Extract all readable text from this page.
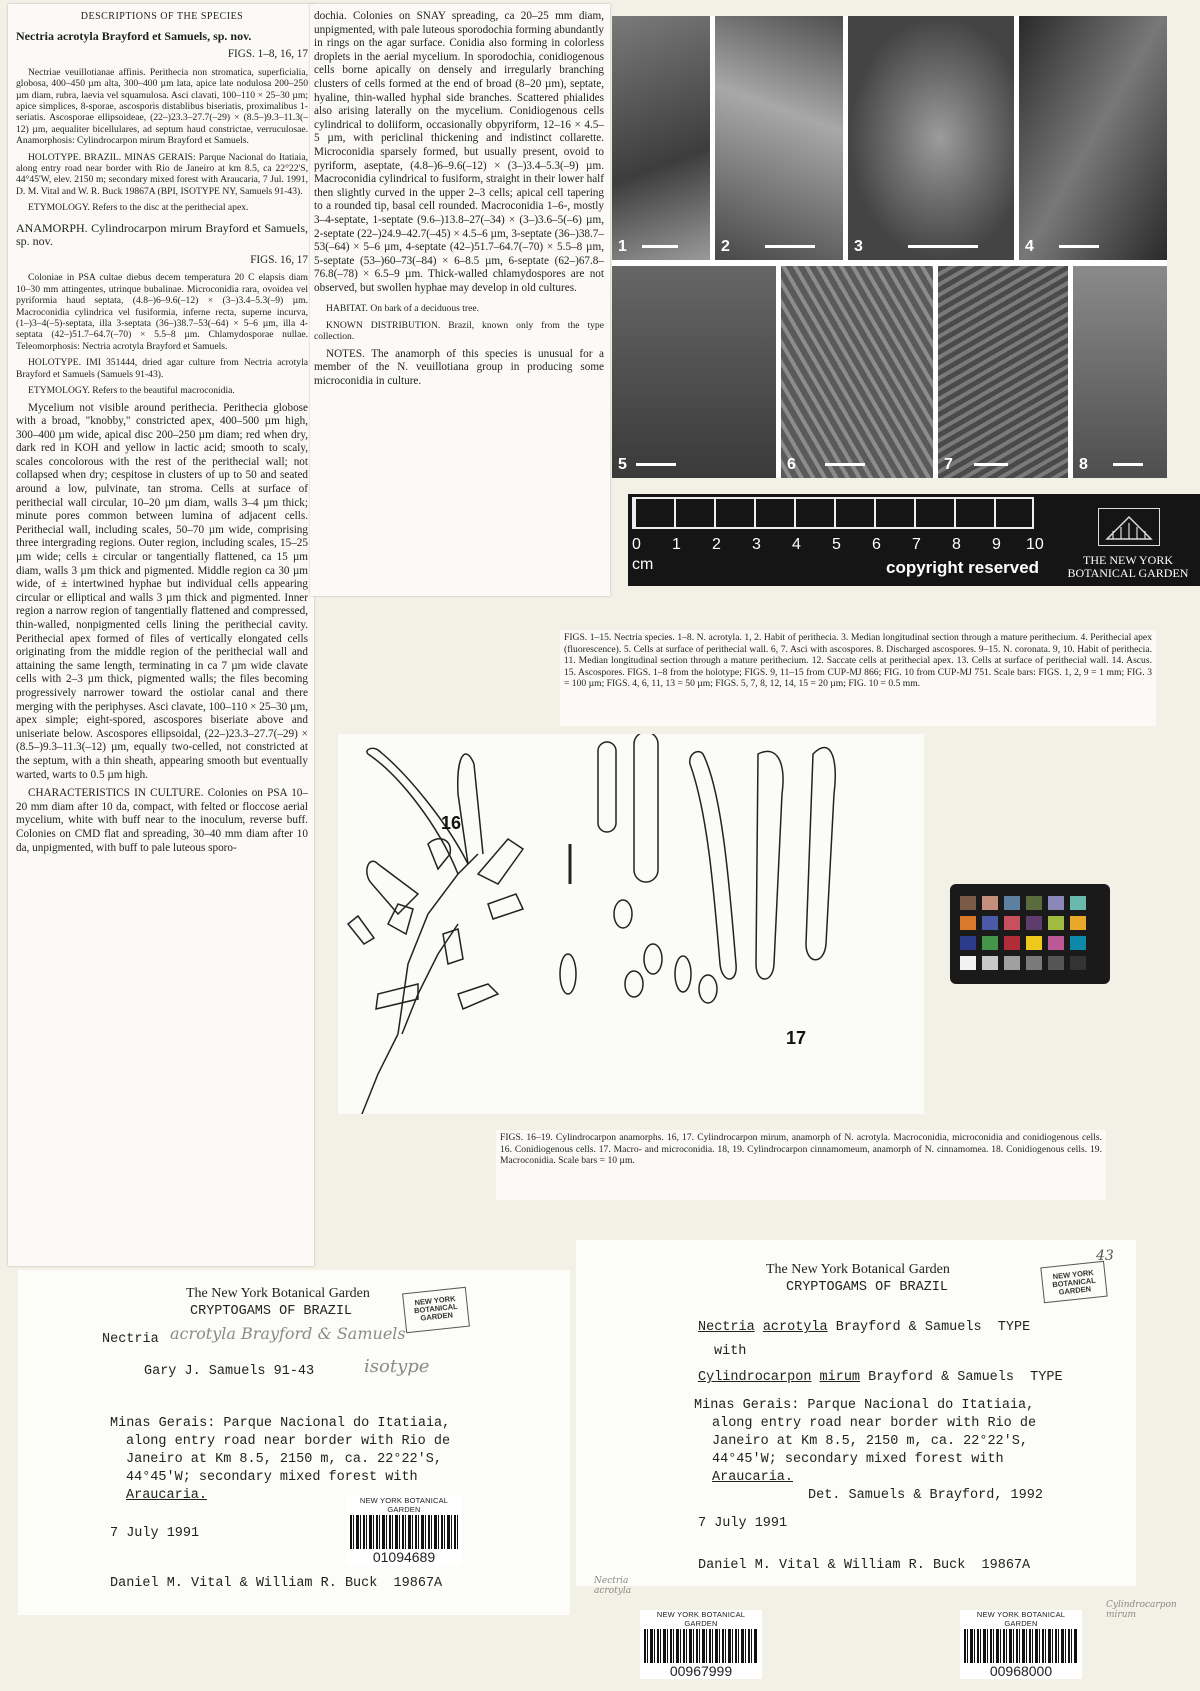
DESCRIPTIONS OF THE SPECIES

Nectria acrotyla Brayford et Samuels, sp. nov.

FIGS. 1–8, 16, 17

Nectriae veuillotianae affinis. Perithecia non stromatica, superficialia, globosa, 400–450 µm alta, 300–400 µm lata, apice late nodulosa 200–250 µm diam, rubra, laevia vel squamulosa. Asci clavati, 100–110 × 25–30 µm; apice simplices, 8-sporae, ascosporis distablibus biseriatis, proximalibus 1-seriatis. Ascosporae ellipsoideae, (22–)23.3–27.7(–29) × (8.5–)9.3–11.3(–12) µm, aequaliter bicellulares, ad septum haud constrictae, verruculosae. Anamorphosis: Cylindrocarpon mirum Brayford et Samuels.

HOLOTYPE. BRAZIL. MINAS GERAIS: Parque Nacional do Itatiaia, along entry road near border with Rio de Janeiro at km 8.5, ca 22°22'S, 44°45'W, elev. 2150 m; secondary mixed forest with Araucaria, 7 Jul. 1991, D. M. Vital and W. R. Buck 19867A (BPI, ISOTYPE NY, Samuels 91-43).

ETYMOLOGY. Refers to the disc at the perithecial apex.

ANAMORPH. Cylindrocarpon mirum Brayford et Samuels, sp. nov.

FIGS. 16, 17

Coloniae in PSA cultae diebus decem temperatura 20 C elapsis diam 10–30 mm attingentes, utrinque bubalinae. Microconidia rara, ovoidea vel pyriformia haud septata, (4.8–)6–9.6(–12) × (3–)3.4–5.3(–9) µm. Macroconidia cylindrica vel fusiformia, inferne recta, superne incurva, (1–)3–4(–5)-septata, illa 3-septata (36–)38.7–53(–64) × 5–6 µm, illa 4-septata (42–)51.7–64.7(–70) × 5.5–8 µm. Chlamydosporae nullae. Teleomorphosis: Nectria acrotyla Brayford et Samuels.

HOLOTYPE. IMI 351444, dried agar culture from Nectria acrotyla Brayford et Samuels (Samuels 91-43).

ETYMOLOGY. Refers to the beautiful macroconidia.

Mycelium not visible around perithecia. Perithecia globose with a broad, "knobby," constricted apex, 400–500 µm high, 300–400 µm wide, apical disc 200–250 µm diam; red when dry, dark red in KOH and yellow in lactic acid; smooth to scaly, scales concolorous with the rest of the perithecial wall; not collapsed when dry; cespitose in clusters of up to 50 and seated around a low, pulvinate, tan stroma. Cells at surface of perithecial wall circular, 10–20 µm diam, walls 3–4 µm thick; minute pores common between lumina of adjacent cells. Perithecial wall, including scales, 50–70 µm wide, comprising three intergrading regions. Outer region, including scales, 15–25 µm wide; cells ± circular or tangentially flattened, ca 15 µm diam, walls 3 µm thick and pigmented. Middle region ca 30 µm wide, of ± intertwined hyphae but individual cells appearing circular or elliptical and walls 3 µm thick and pigmented. Inner region a narrow region of tangentially flattened and compressed, thin-walled, nonpigmented cells lining the perithecial cavity. Perithecial apex formed of files of vertically elongated cells originating from the middle region of the perithecial wall and attaining the same length, terminating in ca 7 µm wide clavate cells with 2–3 µm thick, pigmented walls; the files becoming progressively narrower toward the ostiolar canal and there merging with the periphyses. Asci clavate, 100–110 × 25–30 µm, apex simple; eight-spored, ascospores biseriate above and uniseriate below. Ascospores ellipsoidal, (22–)23.3–27.7(–29) × (8.5–)9.3–11.3(–12) µm, equally two-celled, not constricted at the septum, with a thin sheath, appearing smooth but eventually warted, warts to 0.5 µm high.

CHARACTERISTICS IN CULTURE. Colonies on PSA 10–20 mm diam after 10 da, compact, with felted or floccose aerial mycelium, white with buff near to the inoculum, reverse buff. Colonies on CMD flat and spreading, 30–40 mm diam after 10 da, unpigmented, with buff to pale luteous sporo-

dochia. Colonies on SNAY spreading, ca 20–25 mm diam, unpigmented, with pale luteous sporodochia forming abundantly in rings on the agar surface. Conidia also forming in colorless droplets in the aerial mycelium. In sporodochia, conidiogenous cells borne apically on densely and irregularly branching clusters of cells formed at the end of broad (8–20 µm), septate, hyaline, thin-walled hyphal side branches. Scattered phialides also arising laterally on the mycelium. Conidiogenous cells cylindrical to doliiform, occasionally obpyriform, 12–16 × 4.5–5 µm, with periclinal thickening and indistinct collarette. Microconidia sparsely formed, but usually present, ovoid to pyriform, aseptate, (4.8–)6–9.6(–12) × (3–)3.4–5.3(–9) µm. Macroconidia cylindrical to fusiform, straight in their lower half then slightly curved in the upper 2–3 cells; apical cell tapering to a rounded tip, basal cell rounded. Macroconidia 1–6-, mostly 3–4-septate, 1-septate (9.6–)13.8–27(–34) × (3–)3.6–5(–6) µm, 2-septate (22–)24.9–42.7(–45) × 4.5–6 µm, 3-septate (36–)38.7–53(–64) × 5–6 µm, 4-septate (42–)51.7–64.7(–70) × 5.5–8 µm, 5-septate (53–)60–73(–84) × 6–8.5 µm, 6-septate (62–)67.8–76.8(–78) × 6.5–9 µm. Thick-walled chlamydospores are not observed, but swollen hyphae may develop in old cultures.

HABITAT. On bark of a deciduous tree.

KNOWN DISTRIBUTION. Brazil, known only from the type collection.

NOTES. The anamorph of this species is unusual for a member of the N. veuillotiana group in producing some microconidia in culture.

1	2	3	4
5	6	7	8
0 1 2 3 4 5 6 7 8 9 10
cm	copyright reserved	THE NEW YORK
BOTANICAL GARDEN
FIGS. 1–15. Nectria species. 1–8. N. acrotyla. 1, 2. Habit of perithecia. 3. Median longitudinal section through a mature perithecium. 4. Perithecial apex (fluorescence). 5. Cells at surface of perithecial wall. 6, 7. Asci with ascospores. 8. Discharged ascospores. 9–15. N. coronata. 9, 10. Habit of perithecia. 11. Median longitudinal section through a mature perithecium. 12. Saccate cells at perithecial apex. 13. Cells at surface of perithecial wall. 14. Ascus. 15. Ascospores. FIGS. 1–8 from the holotype; FIGS. 9, 11–15 from CUP-MJ 866; FIG. 10 from CUP-MJ 751. Scale bars: FIGS. 1, 2, 9 = 1 mm; FIG. 3 = 100 µm; FIGS. 4, 6, 11, 13 = 50 µm; FIGS. 5, 7, 8, 12, 14, 15 = 20 µm; FIG. 10 = 0.5 mm.
16
17
FIGS. 16–19. Cylindrocarpon anamorphs. 16, 17. Cylindrocarpon mirum, anamorph of N. acrotyla. Macroconidia, microconidia and conidiogenous cells. 16. Conidiogenous cells. 17. Macro- and microconidia. 18, 19. Cylindrocarpon cinnamomeum, anamorph of N. cinnamomea. 18. Conidiogenous cells. 19. Macroconidia. Scale bars = 10 µm.
The New York Botanical Garden
CRYPTOGAMS OF BRAZIL
NEW YORK BOTANICAL GARDEN
Nectria acrotyla Brayford & Samuels
Gary J. Samuels 91-43	isotype
Minas Gerais: Parque Nacional do Itatiaia,
along entry road near border with Rio de
Janeiro at Km 8.5, 2150 m, ca. 22°22'S,
44°45'W; secondary mixed forest with
Araucaria.
7 July 1991
Daniel M. Vital & William R. Buck  19867A
NEW YORK BOTANICAL GARDEN
01094689
The New York Botanical Garden
CRYPTOGAMS OF BRAZIL
NEW YORK BOTANICAL GARDEN
43
Nectria acrotyla Brayford & Samuels  TYPE
with
Cylindrocarpon mirum Brayford & Samuels  TYPE
Minas Gerais: Parque Nacional do Itatiaia,
along entry road near border with Rio de
Janeiro at Km 8.5, 2150 m, ca. 22°22'S,
44°45'W; secondary mixed forest with
Araucaria.
Det. Samuels & Brayford, 1992
7 July 1991
Daniel M. Vital & William R. Buck  19867A
NEW YORK BOTANICAL GARDEN
00967999
Nectria acrotyla
NEW YORK BOTANICAL GARDEN
00968000
Cylindrocarpon mirum
